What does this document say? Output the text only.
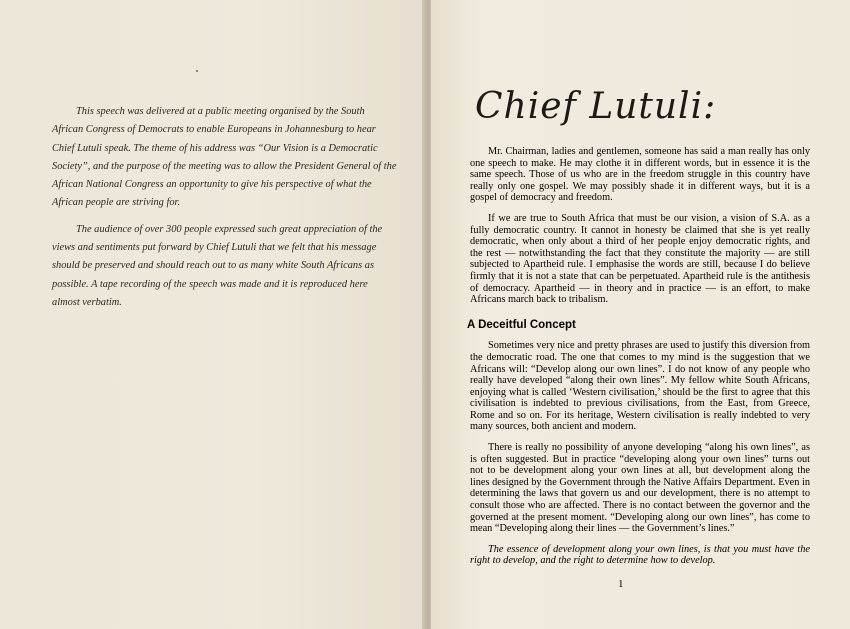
This speech was delivered at a public meeting organised by the South African Congress of Democrats to enable Europeans in Johannesburg to hear Chief Lutuli speak. The theme of his address was “Our Vision is a Democratic Society”, and the purpose of the meeting was to allow the President General of the African National Congress an opportunity to give his perspective of what the African people are striving for.

The audience of over 300 people expressed such great appreciation of the views and sentiments put forward by Chief Lutuli that we felt that his message should be preserved and should reach out to as many white South Africans as possible. A tape recording of the speech was made and it is reproduced here almost verbatim.

Chief Lutuli:

Mr. Chairman, ladies and gentlemen, someone has said a man really has only one speech to make. He may clothe it in different words, but in essence it is the same speech. Those of us who are in the freedom struggle in this country have really only one gospel. We may possibly shade it in different ways, but it is a gospel of democracy and freedom.

If we are true to South Africa that must be our vision, a vision of S.A. as a fully democratic country. It cannot in honesty be claimed that she is yet really democratic, when only about a third of her people enjoy democratic rights, and the rest — notwithstanding the fact that they constitute the majority — are still subjected to Apartheid rule. I emphasise the words are still, because I do believe firmly that it is not a state that can be perpetuated. Apartheid rule is the antithesis of democracy. Apartheid — in theory and in practice — is an effort, to make Africans march back to tribalism.

A Deceitful Concept

Sometimes very nice and pretty phrases are used to justify this diversion from the democratic road. The one that comes to my mind is the suggestion that we Africans will: “Develop along our own lines”. I do not know of any people who really have developed “along their own lines”. My fellow white South Africans, enjoying what is called ‘Western civilisation,’ should be the first to agree that this civilisation is indebted to previous civilisations, from the East, from Greece, Rome and so on. For its heritage, Western civilisation is really indebted to very many sources, both ancient and modern.

There is really no possibility of anyone developing “along his own lines”, as is often suggested. But in practice “developing along your own lines” turns out not to be development along your own lines at all, but development along the lines designed by the Government through the Native Affairs Department. Even in determining the laws that govern us and our development, there is no attempt to consult those who are affected. There is no contact between the governor and the governed at the present moment. “Developing along our own lines”, has come to mean “Developing along their lines — the Government’s lines.”

The essence of development along your own lines, is that you must have the right to develop, and the right to determine how to develop.

1
